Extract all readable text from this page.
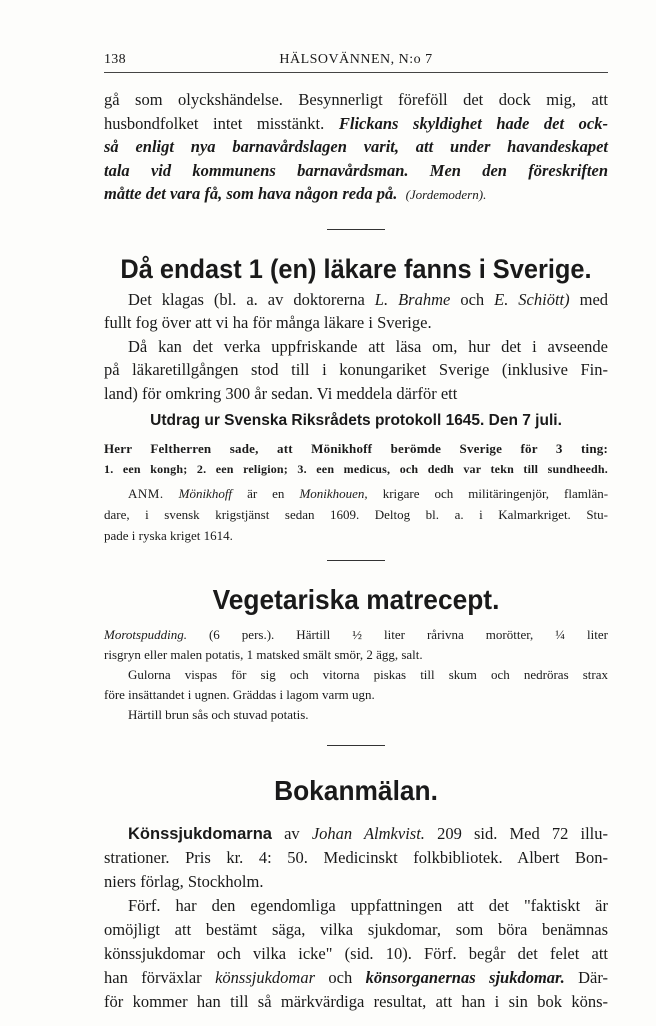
138	HÄLSOVÄNNEN, N:o 7

gå som olyckshändelse. Besynnerligt föreföll det dock mig, att

husbondfolket intet misstänkt. Flickans skyldighet hade det ock-

så enligt nya barnavårdslagen varit, att under havandeskapet

tala vid kommunens barnavårdsman. Men den föreskriften

måtte det vara få, som hava någon reda på. (Jordemodern).

Då endast 1 (en) läkare fanns i Sverige.

Det klagas (bl. a. av doktorerna L. Brahme och E. Schiött) med

fullt fog över att vi ha för många läkare i Sverige.

Då kan det verka uppfriskande att läsa om, hur det i avseende

på läkaretillgången stod till i konungariket Sverige (inklusive Fin-

land) för omkring 300 år sedan. Vi meddela därför ett

Utdrag ur Svenska Riksrådets protokoll 1645. Den 7 juli.

Herr Feltherren sade, att Mönikhoff berömde Sverige för 3 ting:

1. een kongh; 2. een religion; 3. een medicus, och dedh var tekn till sundheedh.

ANM. Mönikhoff är en Monikhouen, krigare och militäringenjör, flamlän-

dare, i svensk krigstjänst sedan 1609. Deltog bl. a. i Kalmarkriget. Stu-

pade i ryska kriget 1614.

Vegetariska matrecept.

Morotspudding. (6 pers.). Härtill ½ liter rårivna morötter, ¼ liter

risgryn eller malen potatis, 1 matsked smält smör, 2 ägg, salt.

Gulorna vispas för sig och vitorna piskas till skum och nedröras strax

före insättandet i ugnen. Gräddas i lagom varm ugn.

Härtill brun sås och stuvad potatis.

Bokanmälan.

Könssjukdomarna av Johan Almkvist. 209 sid. Med 72 illu-

strationer. Pris kr. 4: 50. Medicinskt folkbibliotek. Albert Bon-

niers förlag, Stockholm.

Förf. har den egendomliga uppfattningen att det "faktiskt är

omöjligt att bestämt säga, vilka sjukdomar, som böra benämnas

könssjukdomar och vilka icke" (sid. 10). Förf. begår det felet att

han förväxlar könssjukdomar och könsorganernas sjukdomar. Där-

för kommer han till så märkvärdiga resultat, att han i sin bok köns-
